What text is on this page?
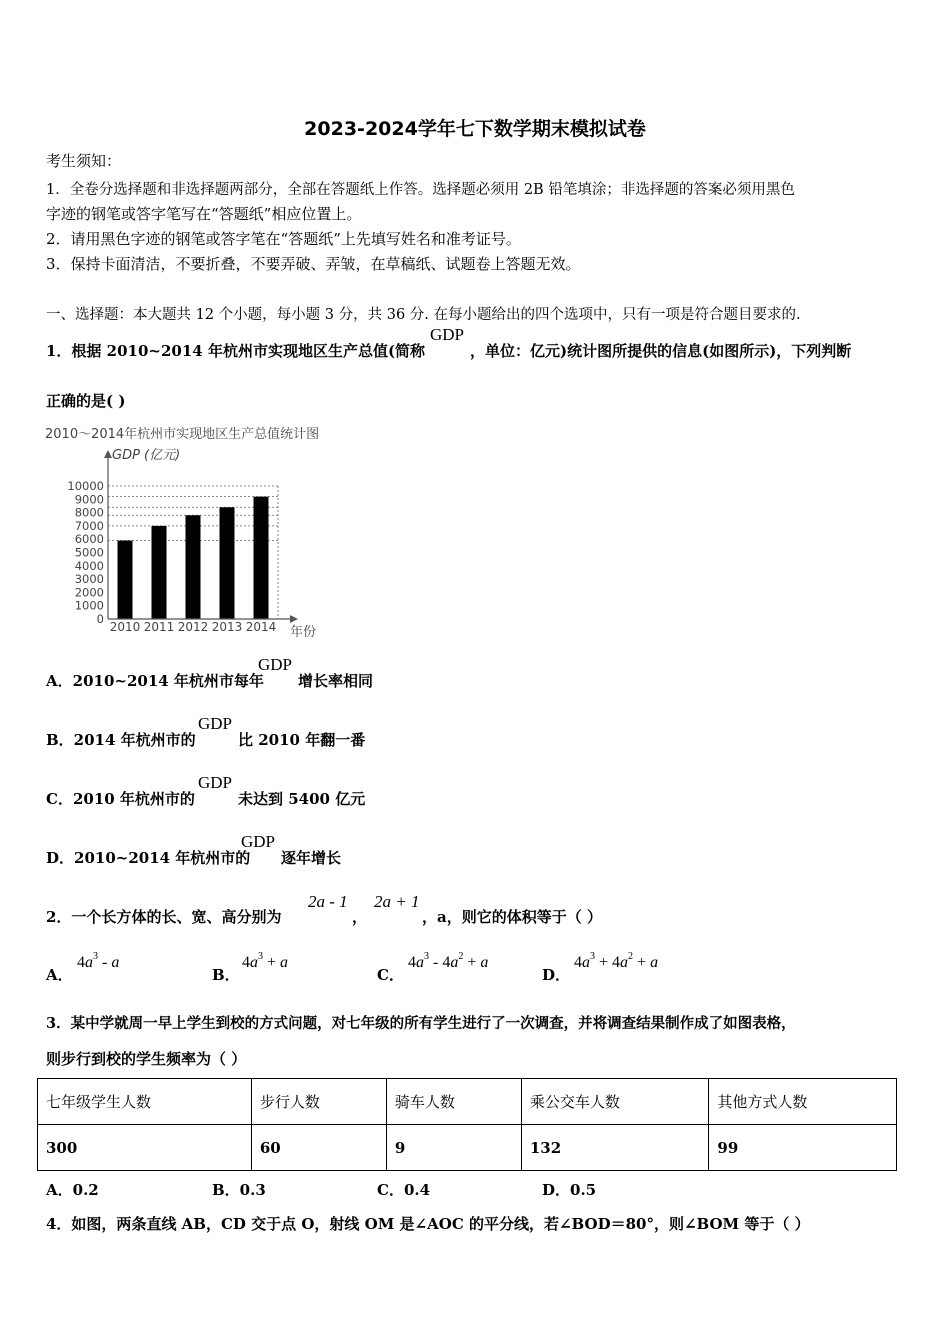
2023-2024学年七下数学期末模拟试卷
考生须知：
1．全卷分选择题和非选择题两部分，全部在答题纸上作答。选择题必须用 2B 铅笔填涂；非选择题的答案必须用黑色
字迹的钢笔或答字笔写在“答题纸”相应位置上。
2．请用黑色字迹的钢笔或答字笔在“答题纸”上先填写姓名和准考证号。
3．保持卡面清洁，不要折叠，不要弄破、弄皱，在草稿纸、试题卷上答题无效。
一、选择题：本大题共 12 个小题，每小题 3 分，共 36 分. 在每小题给出的四个选项中，只有一项是符合题目要求的.
1．根据 2010~2014 年杭州市实现地区生产总值(简称
GDP
，单位：亿元)统计图所提供的信息(如图所示)，下列判断
正确的是( )
2010～2014年杭州市实现地区生产总值统计图
GDP (亿元)
年份
0
1000
2000
3000
4000
5000
6000
7000
8000
9000
10000
2010 2011 2012 2013 2014
A．2010~2014 年杭州市每年
GDP
增长率相同
B．2014 年杭州市的
GDP
比 2010 年翻一番
C．2010 年杭州市的
GDP
未达到 5400 亿元
D．2010~2014 年杭州市的
GDP
逐年增长
2．一个长方体的长、宽、高分别为
2a - 1
，
2a + 1
，a，则它的体积等于（ ）
A．
$4a^3$ - a
B．
$4a^3 + a$
C．
$4a^3 - 4a^2 + a$
D．
$4a^3 + 4a^2 + a$
3．某中学就周一早上学生到校的方式问题，对七年级的所有学生进行了一次调查，并将调查结果制作成了如图表格，
则步行到校的学生频率为（ ）
七年级学生人数	步行人数	骑车人数	乘公交车人数	其他方式人数
300	60	9	132	99
A．0.2	B．0.3	C．0.4	D．0.5
4．如图，两条直线 AB，CD 交于点 O，射线 OM 是∠AOC 的平分线，若∠BOD＝80°，则∠BOM 等于（ ）
